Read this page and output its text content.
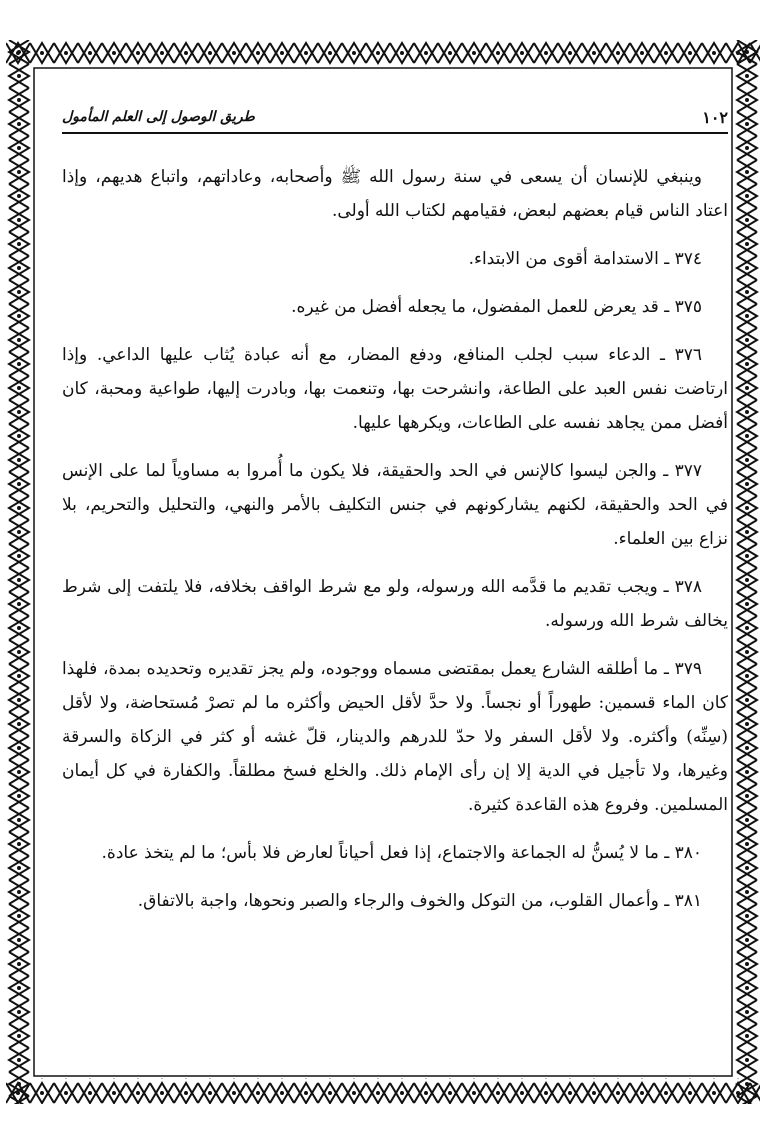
١٠٢
طريق الوصول إلى العلم المأمول

وينبغي للإنسان أن يسعى في سنة رسول الله ﷺ وأصحابه، وعاداتهم، واتباع هديهم، وإذا اعتاد الناس قيام بعضهم لبعض، فقيامهم لكتاب الله أولى.

٣٧٤ ـ الاستدامة أقوى من الابتداء.

٣٧٥ ـ قد يعرض للعمل المفضول، ما يجعله أفضل من غيره.

٣٧٦ ـ الدعاء سبب لجلب المنافع، ودفع المضار، مع أنه عبادة يُثاب عليها الداعي. وإذا ارتاضت نفس العبد على الطاعة، وانشرحت بها، وتنعمت بها، وبادرت إليها، طواعية ومحبة، كان أفضل ممن يجاهد نفسه على الطاعات، ويكرهها عليها.

٣٧٧ ـ والجن ليسوا كالإنس في الحد والحقيقة، فلا يكون ما أُمروا به مساوياً لما على الإنس في الحد والحقيقة، لكنهم يشاركونهم في جنس التكليف بالأمر والنهي، والتحليل والتحريم، بلا نزاع بين العلماء.

٣٧٨ ـ ويجب تقديم ما قدَّمه الله ورسوله، ولو مع شرط الواقف بخلافه، فلا يلتفت إلى شرط يخالف شرط الله ورسوله.

٣٧٩ ـ ما أطلقه الشارع يعمل بمقتضى مسماه ووجوده، ولم يجز تقديره وتحديده بمدة، فلهذا كان الماء قسمين: طهوراً أو نجساً. ولا حدَّ لأقل الحيض وأكثره ما لم تصرْ مُستحاضة، ولا لأقل (سِنِّه) وأكثره. ولا لأقل السفر ولا حدّ للدرهم والدينار، قلّ غشه أو كثر في الزكاة والسرقة وغيرها، ولا تأجيل في الدية إلا إن رأى الإمام ذلك. والخلع فسخ مطلقاً. والكفارة في كل أيمان المسلمين. وفروع هذه القاعدة كثيرة.

٣٨٠ ـ ما لا يُسنُّ له الجماعة والاجتماع، إذا فعل أحياناً لعارض فلا بأس؛ ما لم يتخذ عادة.

٣٨١ ـ وأعمال القلوب، من التوكل والخوف والرجاء والصبر ونحوها، واجبة بالاتفاق.
